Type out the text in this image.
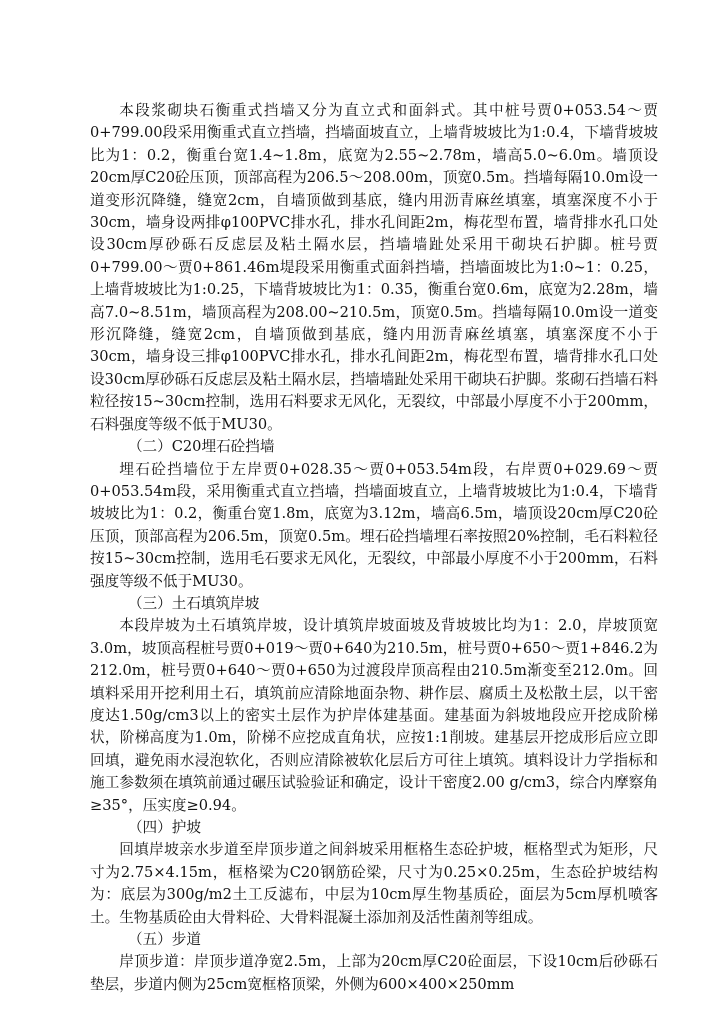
本段浆砌块石衡重式挡墙又分为直立式和面斜式。其中桩号贾0+053.54～贾0+799.00段采用衡重式直立挡墙，挡墙面坡直立，上墙背坡坡比为1:0.4，下墙背坡坡比为1：0.2，衡重台宽1.4~1.8m，底宽为2.55~2.78m，墙高5.0~6.0m。墙顶设20cm厚C20砼压顶，顶部高程为206.5～208.00m，顶宽0.5m。挡墙每隔10.0m设一道变形沉降缝，缝宽2cm，自墙顶做到基底，缝内用沥青麻丝填塞，填塞深度不小于30cm，墙身设两排φ100PVC排水孔，排水孔间距2m，梅花型布置，墙背排水孔口处设30cm厚砂砾石反虑层及粘土隔水层，挡墙墙趾处采用干砌块石护脚。桩号贾0+799.00～贾0+861.46m堤段采用衡重式面斜挡墙，挡墙面坡比为1:0~1：0.25，上墙背坡坡比为1:0.25，下墙背坡坡比为1：0.35，衡重台宽0.6m，底宽为2.28m，墙高7.0~8.51m，墙顶高程为208.00~210.5m，顶宽0.5m。挡墙每隔10.0m设一道变形沉降缝，缝宽2cm，自墙顶做到基底，缝内用沥青麻丝填塞，填塞深度不小于30cm，墙身设三排φ100PVC排水孔，排水孔间距2m，梅花型布置，墙背排水孔口处设30cm厚砂砾石反虑层及粘土隔水层，挡墙墙趾处采用干砌块石护脚。浆砌石挡墙石料粒径按15~30cm控制，选用石料要求无风化，无裂纹，中部最小厚度不小于200mm，石料强度等级不低于MU30。

（二）C20埋石砼挡墙

埋石砼挡墙位于左岸贾0+028.35～贾0+053.54m段，右岸贾0+029.69～贾0+053.54m段，采用衡重式直立挡墙，挡墙面坡直立，上墙背坡坡比为1:0.4，下墙背坡坡比为1：0.2，衡重台宽1.8m，底宽为3.12m，墙高6.5m，墙顶设20cm厚C20砼压顶，顶部高程为206.5m，顶宽0.5m。埋石砼挡墙埋石率按照20%控制，毛石料粒径按15~30cm控制，选用毛石要求无风化，无裂纹，中部最小厚度不小于200mm，石料强度等级不低于MU30。

（三）土石填筑岸坡

本段岸坡为土石填筑岸坡，设计填筑岸坡面坡及背坡坡比均为1：2.0，岸坡顶宽3.0m，坡顶高程桩号贾0+019～贾0+640为210.5m，桩号贾0+650～贾1+846.2为212.0m，桩号贾0+640～贾0+650为过渡段岸顶高程由210.5m渐变至212.0m。回填料采用开挖利用土石，填筑前应清除地面杂物、耕作层、腐质土及松散土层，以干密度达1.50g/cm3以上的密实土层作为护岸体建基面。建基面为斜坡地段应开挖成阶梯状，阶梯高度为1.0m，阶梯不应挖成直角状，应按1:1削坡。建基层开挖成形后应立即回填，避免雨水浸泡软化，否则应清除被软化层后方可往上填筑。填料设计力学指标和施工参数须在填筑前通过碾压试验验证和确定，设计干密度2.00 g/cm3，综合内摩察角≥35°，压实度≥0.94。

（四）护坡

回填岸坡亲水步道至岸顶步道之间斜坡采用框格生态砼护坡，框格型式为矩形，尺寸为2.75×4.15m，框格梁为C20钢筋砼梁，尺寸为0.25×0.25m，生态砼护坡结构为：底层为300g/m2土工反滤布，中层为10cm厚生物基质砼，面层为5cm厚机喷客土。生物基质砼由大骨料砼、大骨料混凝土添加剂及活性菌剂等组成。

（五）步道

岸顶步道：岸顶步道净宽2.5m，上部为20cm厚C20砼面层，下设10cm后砂砾石垫层，步道内侧为25cm宽框格顶梁，外侧为600×400×250mm
